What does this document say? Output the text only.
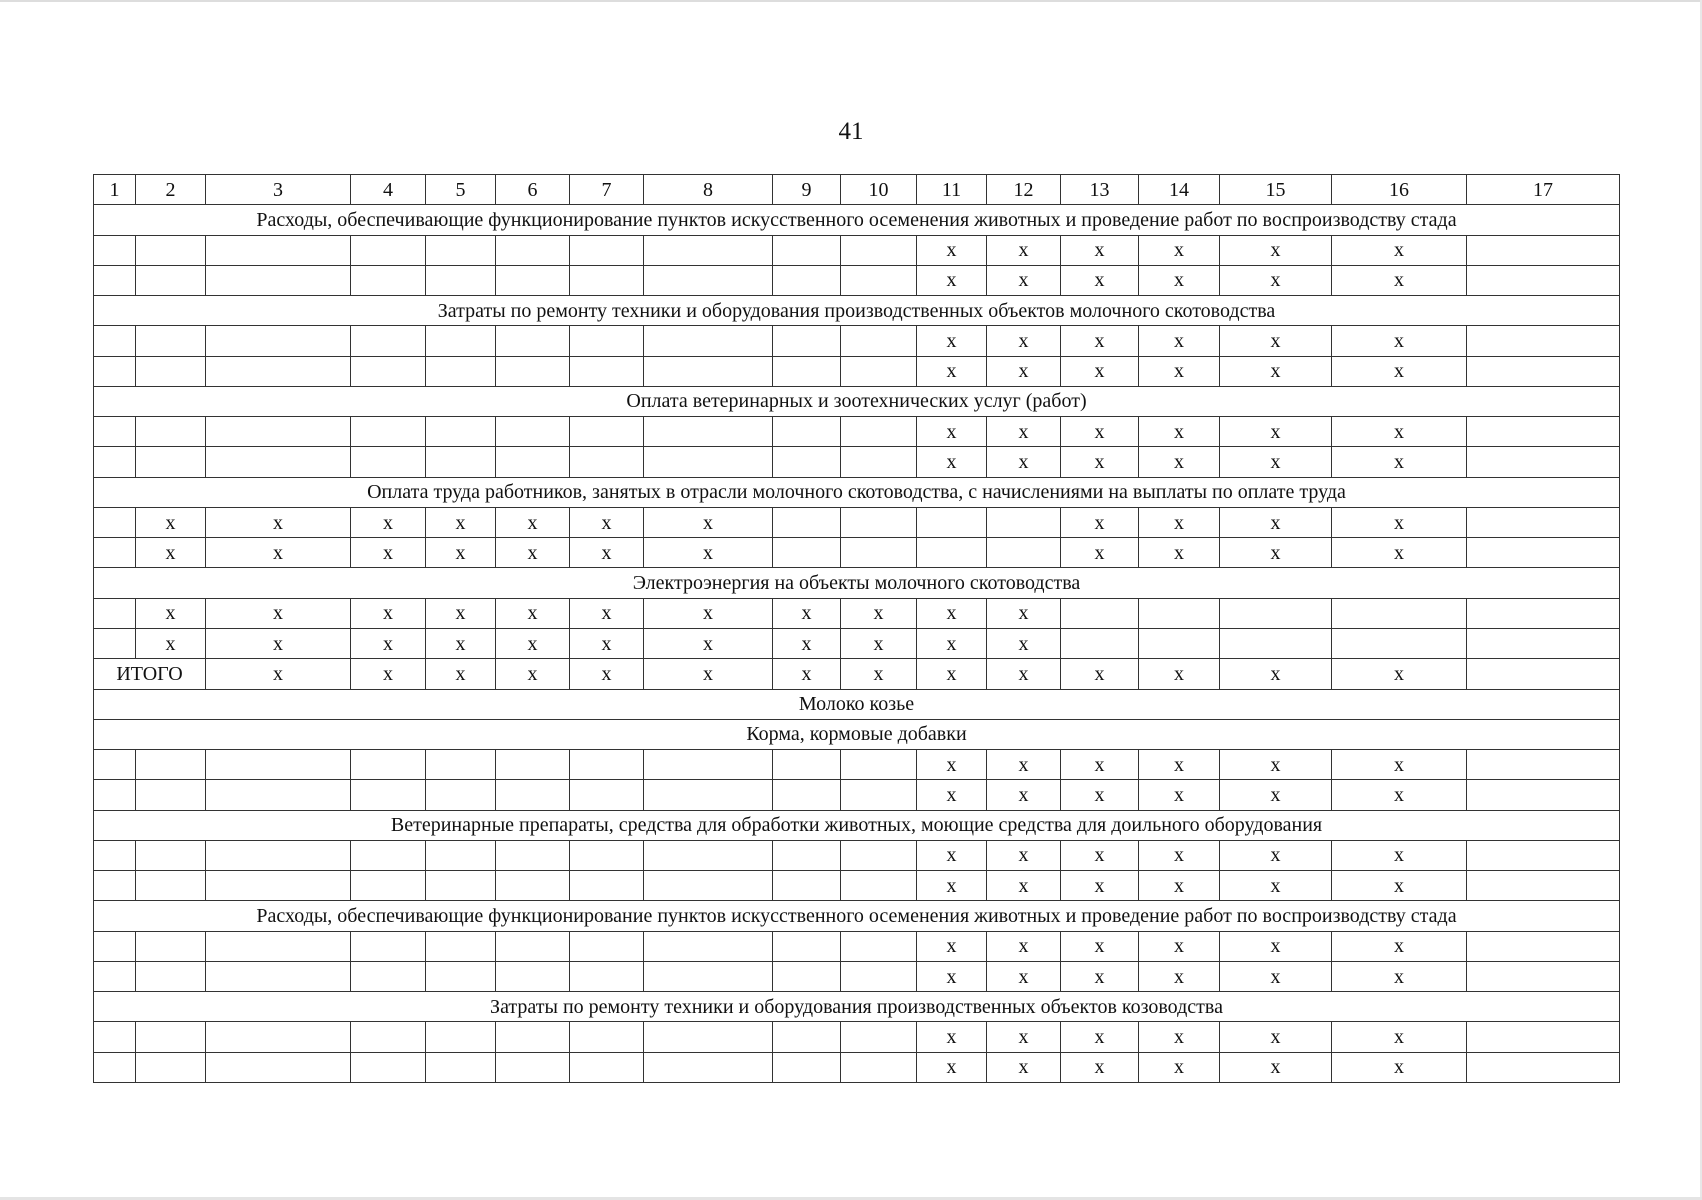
41
1	2	3	4	5	6	7	8	9	10	11	12	13	14	15	16	17
Расходы, обеспечивающие функционирование пунктов искусственного осеменения животных и проведение работ по воспроизводству стада																
										x	x	x	x	x	x	
										x	x	x	x	x	x	
Затраты по ремонту техники и оборудования производственных объектов молочного скотоводства																
										x	x	x	x	x	x	
										x	x	x	x	x	x	
Оплата ветеринарных и зоотехнических услуг (работ)																
										x	x	x	x	x	x	
										x	x	x	x	x	x	
Оплата труда работников, занятых в отрасли молочного скотоводства, с начислениями на выплаты по оплате труда																
	x	x	x	x	x	x	x					x	x	x	x	
	x	x	x	x	x	x	x					x	x	x	x	
Электроэнергия на объекты молочного скотоводства																
	x	x	x	x	x	x	x	x	x	x	x					
	x	x	x	x	x	x	x	x	x	x	x					
ИТОГО		x	x	x	x	x	x	x	x	x	x	x	x	x	x	
Молоко козье																
Корма, кормовые добавки																
										x	x	x	x	x	x	
										x	x	x	x	x	x	
Ветеринарные препараты, средства для обработки животных, моющие средства для доильного оборудования																
										x	x	x	x	x	x	
										x	x	x	x	x	x	
Расходы, обеспечивающие функционирование пунктов искусственного осеменения животных и проведение работ по воспроизводству стада																
										x	x	x	x	x	x	
										x	x	x	x	x	x	
Затраты по ремонту техники и оборудования производственных объектов козоводства																
										x	x	x	x	x	x	
										x	x	x	x	x	x	
